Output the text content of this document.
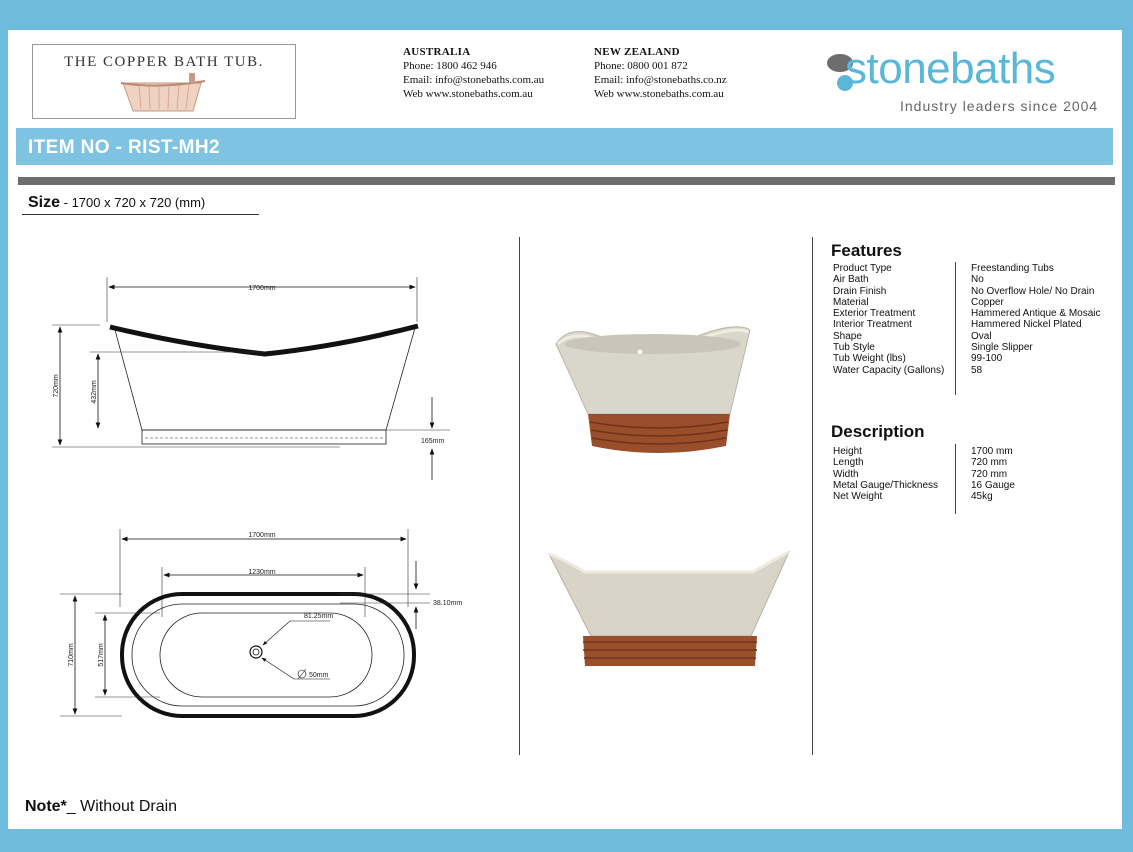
THE COPPER BATH TUB.
AUSTRALIA
Phone: 1800 462 946
Email: info@stonebaths.com.au
Web www.stonebaths.com.au
NEW ZEALAND
Phone: 0800 001 872
Email: info@stonebaths.co.nz
Web www.stonebaths.com.au
stonebaths
Industry leaders since 2004
ITEM NO - RIST-MH2
Size - 1700 x 720 x 720 (mm)
1700mm
720mm	432mm
165mm
1700mm
1230mm
81.25mm
50mm
38.10mm
710mm	517mm
Features
Product Type	Freestanding Tubs
Air Bath	No
Drain Finish	No Overflow Hole/ No Drain
Material	Copper
Exterior Treatment	Hammered Antique & Mosaic
Interior Treatment	Hammered Nickel Plated
Shape	Oval
Tub Style	Single Slipper
Tub Weight (lbs)	99-100
Water Capacity (Gallons)	58
Description
Height	1700 mm
Length	720 mm
Width	720 mm
Metal Gauge/Thickness	16 Gauge
Net Weight	45kg
Note*_ Without Drain
